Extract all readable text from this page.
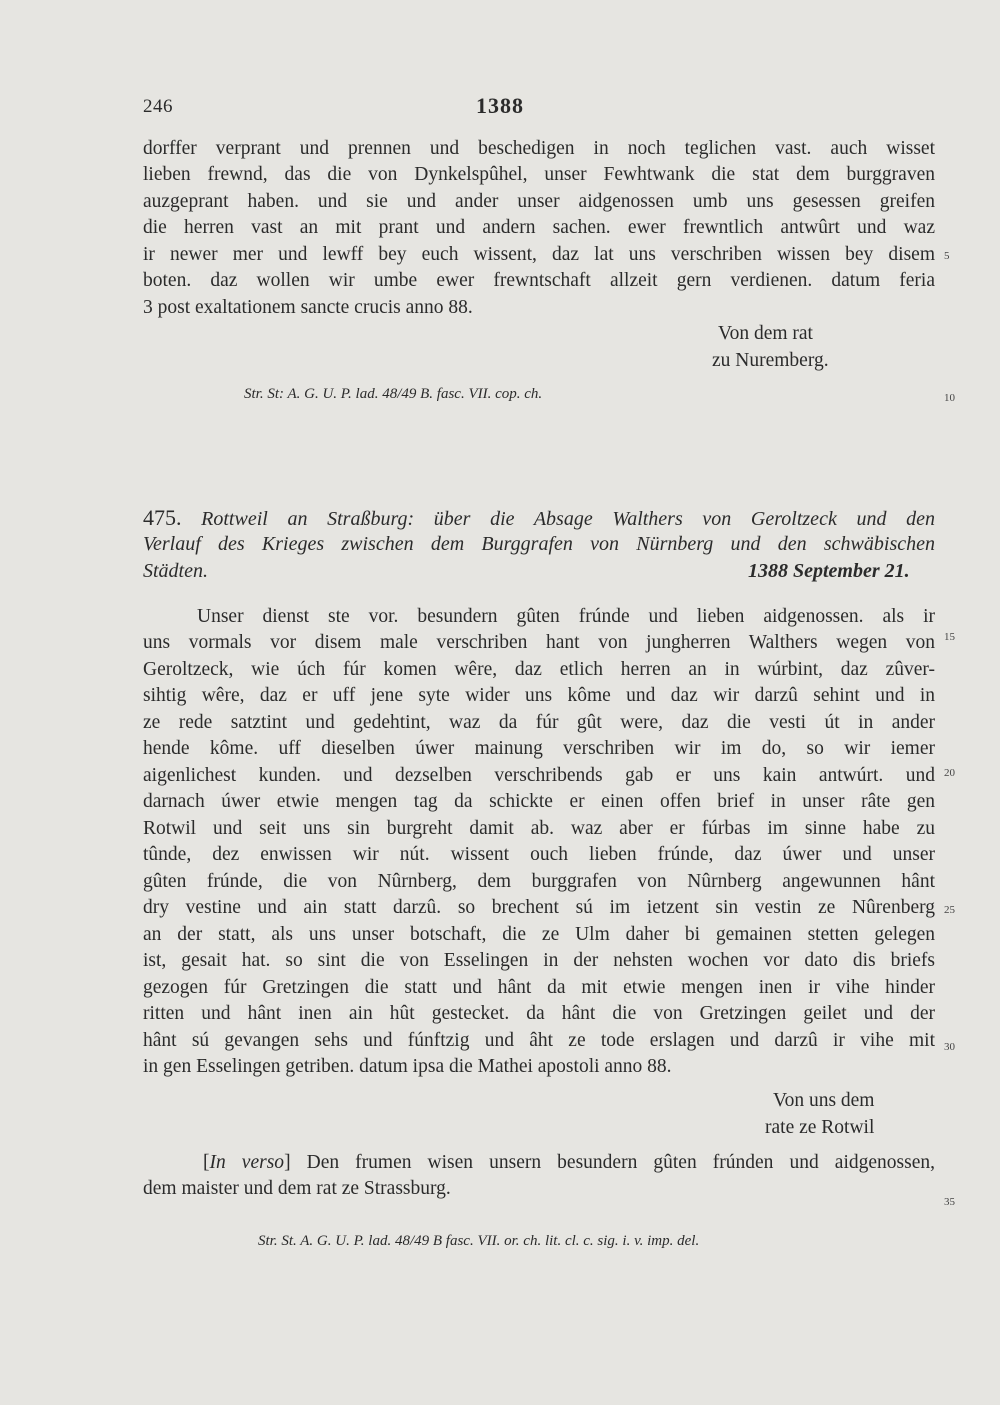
246	1388
dorffer verprant und prennen und beschedigen in noch teglichen vast. auch wisset
lieben frewnd, das die von Dynkelspûhel, unser Fewhtwank die stat dem burggraven
auzgeprant haben. und sie und ander unser aidgenossen umb uns gesessen greifen
die herren vast an mit prant und andern sachen. ewer frewntlich antwûrt und waz
ir newer mer und lewff bey euch wissent, daz lat uns verschriben wissen bey disem
boten. daz wollen wir umbe ewer frewntschaft allzeit gern verdienen. datum feria
3 post exaltationem sancte crucis anno 88.
Von dem rat
zu Nuremberg.
Str. St: A. G. U. P. lad. 48/49 B. fasc. VII. cop. ch.
475. Rottweil an Straßburg: über die Absage Walthers von Geroltzeck und den
Verlauf des Krieges zwischen dem Burggrafen von Nürnberg und den schwäbischen
Städten.	1388 September 21.
Unser dienst ste vor. besundern gûten frúnde und lieben aidgenossen. als ir
uns vormals vor disem male verschriben hant von jungherren Walthers wegen von
Geroltzeck, wie úch fúr komen wêre, daz etlich herren an in wúrbint, daz zûver-
sihtig wêre, daz er uff jene syte wider uns kôme und daz wir darzû sehint und in
ze rede satztint und gedehtint, waz da fúr gût were, daz die vesti út in ander
hende kôme. uff dieselben úwer mainung verschriben wir im do, so wir iemer
aigenlichest kunden. und dezselben verschribends gab er uns kain antwúrt. und
darnach úwer etwie mengen tag da schickte er einen offen brief in unser râte gen
Rotwil und seit uns sin burgreht damit ab. waz aber er fúrbas im sinne habe zu
tûnde, dez enwissen wir nút. wissent ouch lieben frúnde, daz úwer und unser
gûten frúnde, die von Nûrnberg, dem burggrafen von Nûrnberg angewunnen hânt
dry vestine und ain statt darzû. so brechent sú im ietzent sin vestin ze Nûrenberg
an der statt, als uns unser botschaft, die ze Ulm daher bi gemainen stetten gelegen
ist, gesait hat. so sint die von Esselingen in der nehsten wochen vor dato dis briefs
gezogen fúr Gretzingen die statt und hânt da mit etwie mengen inen ir vihe hinder
ritten und hânt inen ain hût gestecket. da hânt die von Gretzingen geilet und der
hânt sú gevangen sehs und fúnftzig und âht ze tode erslagen und darzû ir vihe mit
in gen Esselingen getriben. datum ipsa die Mathei apostoli anno 88.
Von uns dem
rate ze Rotwil
[In verso] Den frumen wisen unsern besundern gûten frúnden und aidgenossen,
dem maister und dem rat ze Strassburg.
Str. St. A. G. U. P. lad. 48/49 B fasc. VII. or. ch. lit. cl. c. sig. i. v. imp. del.
5
10
15
20
25
30
35
